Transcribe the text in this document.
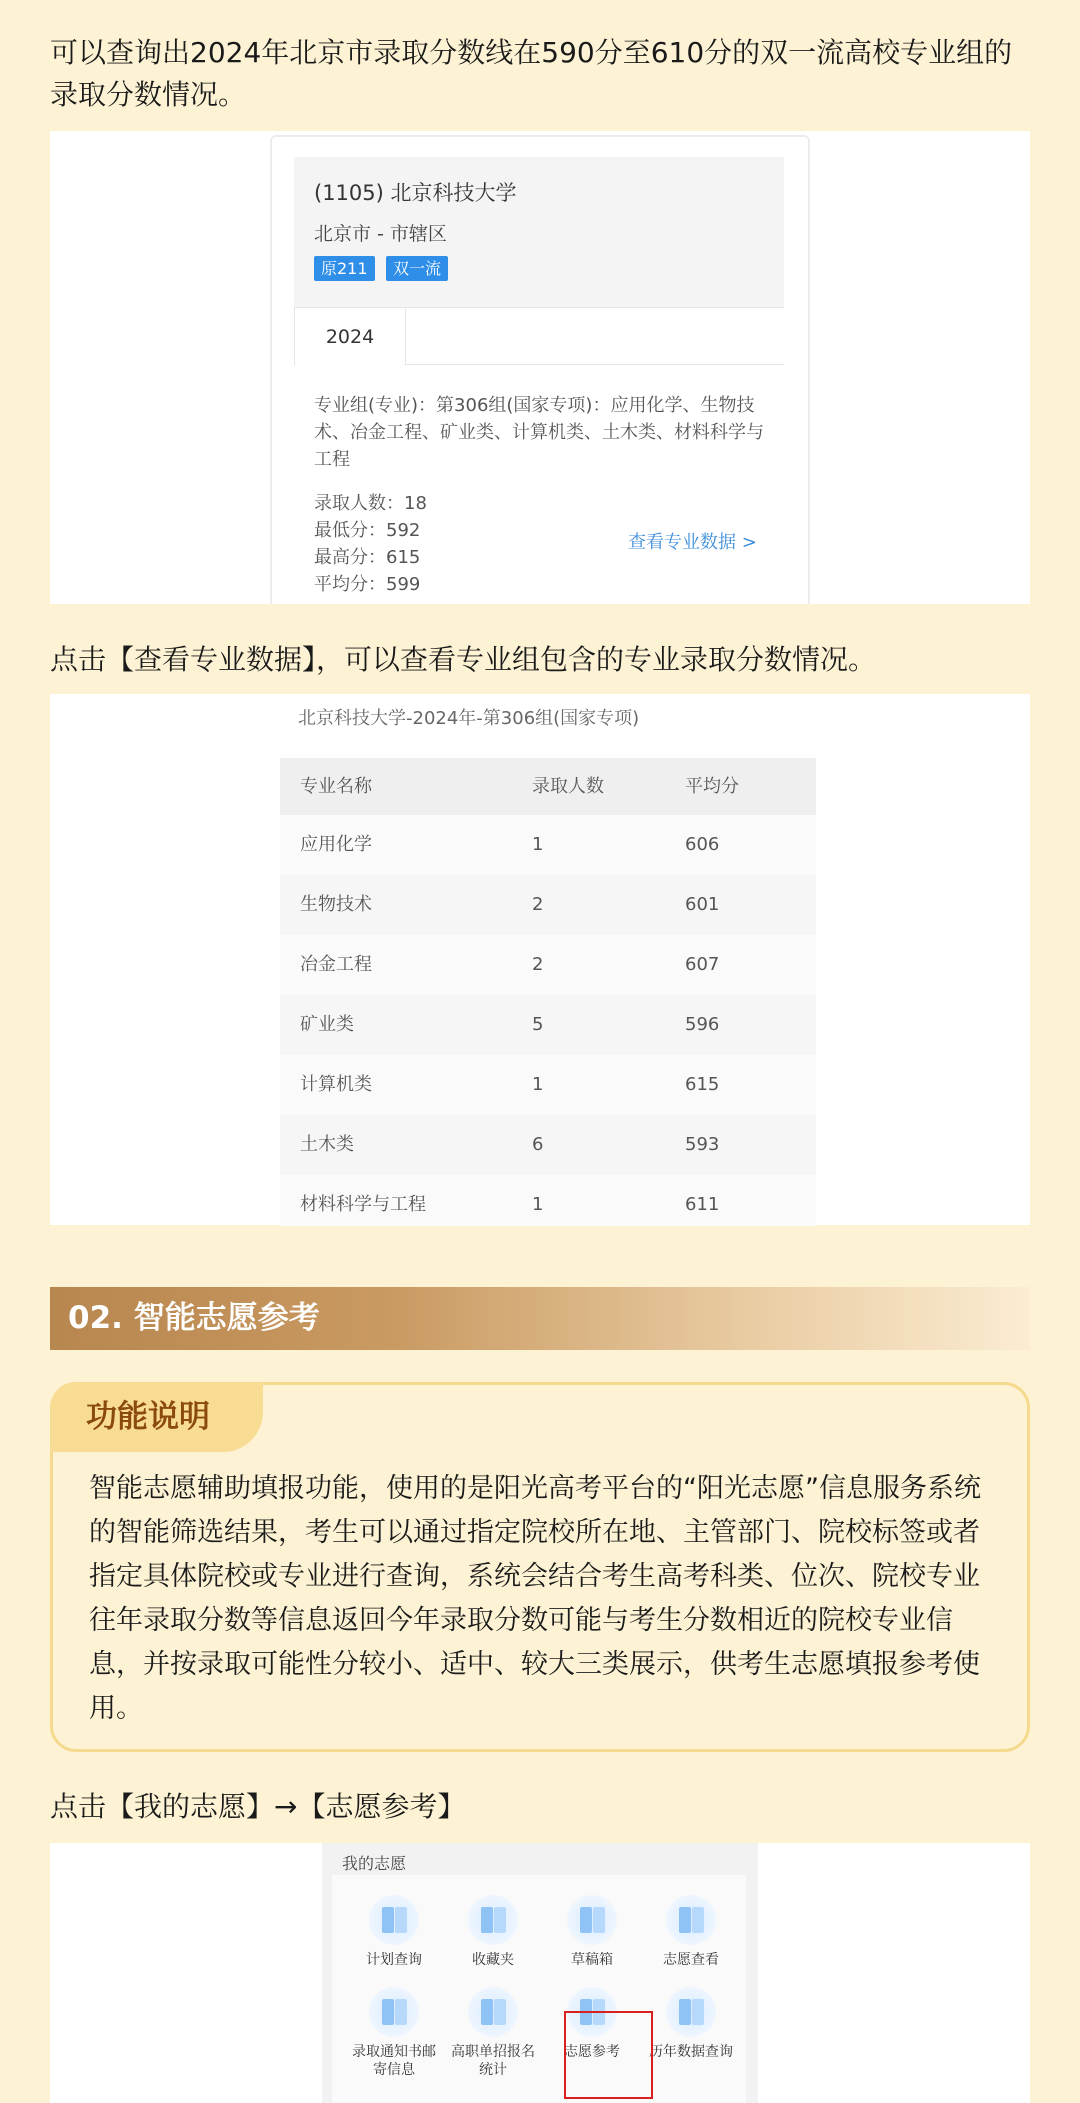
可以查询出2024年北京市录取分数线在590分至610分的双一流高校专业组的录取分数情况。
(1105) 北京科技大学
北京市 - 市辖区
原211	双一流
2024
专业组(专业)：第306组(国家专项)：应用化学、生物技术、冶金工程、矿业类、计算机类、土木类、材料科学与工程
录取人数：18
最低分：592
最高分：615
平均分：599
查看专业数据 >
点击【查看专业数据】，可以查看专业组包含的专业录取分数情况。
北京科技大学-2024年-第306组(国家专项)
专业名称	录取人数	平均分
应用化学	1	606
生物技术	2	601
冶金工程	2	607
矿业类	5	596
计算机类	1	615
土木类	6	593
材料科学与工程	1	611
02. 智能志愿参考
功能说明
智能志愿辅助填报功能，使用的是阳光高考平台的“阳光志愿”信息服务系统的智能筛选结果，考生可以通过指定院校所在地、主管部门、院校标签或者指定具体院校或专业进行查询，系统会结合考生高考科类、位次、院校专业往年录取分数等信息返回今年录取分数可能与考生分数相近的院校专业信息，并按录取可能性分较小、适中、较大三类展示，供考生志愿填报参考使用。
点击【我的志愿】→【志愿参考】
我的志愿
计划查询	收藏夹	草稿箱	志愿查看
录取通知书邮寄信息
高职单招报名统计
志愿参考	历年数据查询
